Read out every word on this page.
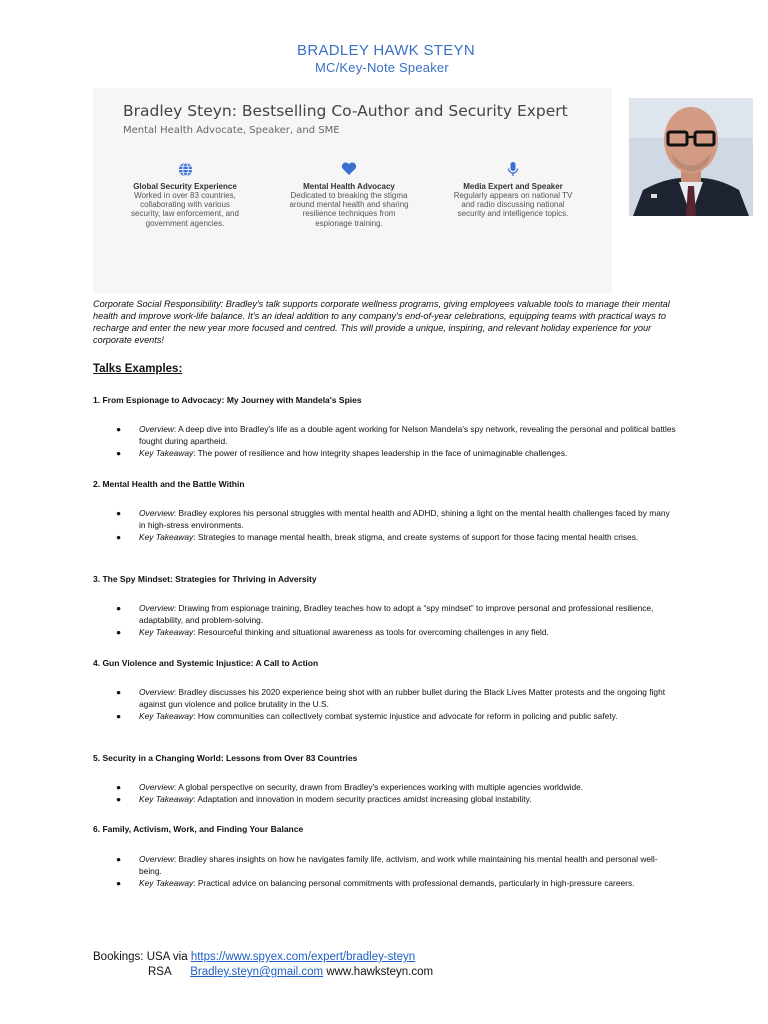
BRADLEY HAWK STEYN
MC/Key-Note Speaker
Bradley Steyn: Bestselling Co-Author and Security Expert
Mental Health Advocate, Speaker, and SME
Global Security Experience
Worked in over 83 countries,
collaborating with various
security, law enforcement, and
government agencies.
Mental Health Advocacy
Dedicated to breaking the stigma
around mental health and sharing
resilience techniques from
espionage training.
Media Expert and Speaker
Regularly appears on national TV
and radio discussing national
security and intelligence topics.
Corporate Social Responsibility: Bradley's talk supports corporate wellness programs, giving employees valuable tools to manage their mental health and improve work-life balance. It's an ideal addition to any company's end-of-year celebrations, equipping teams with practical ways to recharge and enter the new year more focused and centred. This will provide a unique, inspiring, and relevant holiday experience for your corporate events!
Talks Examples:
1. From Espionage to Advocacy: My Journey with Mandela's Spies
● Overview: A deep dive into Bradley's life as a double agent working for Nelson Mandela's spy network, revealing the personal and political battles fought during apartheid.
● Key Takeaway: The power of resilience and how integrity shapes leadership in the face of unimaginable challenges.
2. Mental Health and the Battle Within
● Overview: Bradley explores his personal struggles with mental health and ADHD, shining a light on the mental health challenges faced by many in high-stress environments.
● Key Takeaway: Strategies to manage mental health, break stigma, and create systems of support for those facing mental health crises.
3. The Spy Mindset: Strategies for Thriving in Adversity
● Overview: Drawing from espionage training, Bradley teaches how to adopt a “spy mindset” to improve personal and professional resilience, adaptability, and problem-solving.
● Key Takeaway: Resourceful thinking and situational awareness as tools for overcoming challenges in any field.
4. Gun Violence and Systemic Injustice: A Call to Action
● Overview: Bradley discusses his 2020 experience being shot with an rubber bullet during the Black Lives Matter protests and the ongoing fight against gun violence and police brutality in the U.S.
● Key Takeaway: How communities can collectively combat systemic injustice and advocate for reform in policing and public safety.
5. Security in a Changing World: Lessons from Over 83 Countries
● Overview: A global perspective on security, drawn from Bradley's experiences working with multiple agencies worldwide.
● Key Takeaway: Adaptation and innovation in modern security practices amidst increasing global instability.
6. Family, Activism, Work, and Finding Your Balance
● Overview: Bradley shares insights on how he navigates family life, activism, and work while maintaining his mental health and personal well-being.
● Key Takeaway: Practical advice on balancing personal commitments with professional demands, particularly in high-pressure careers.
Bookings: USA via https://www.spyex.com/expert/bradley-steyn
RSA Bradley.steyn@gmail.com www.hawksteyn.com
